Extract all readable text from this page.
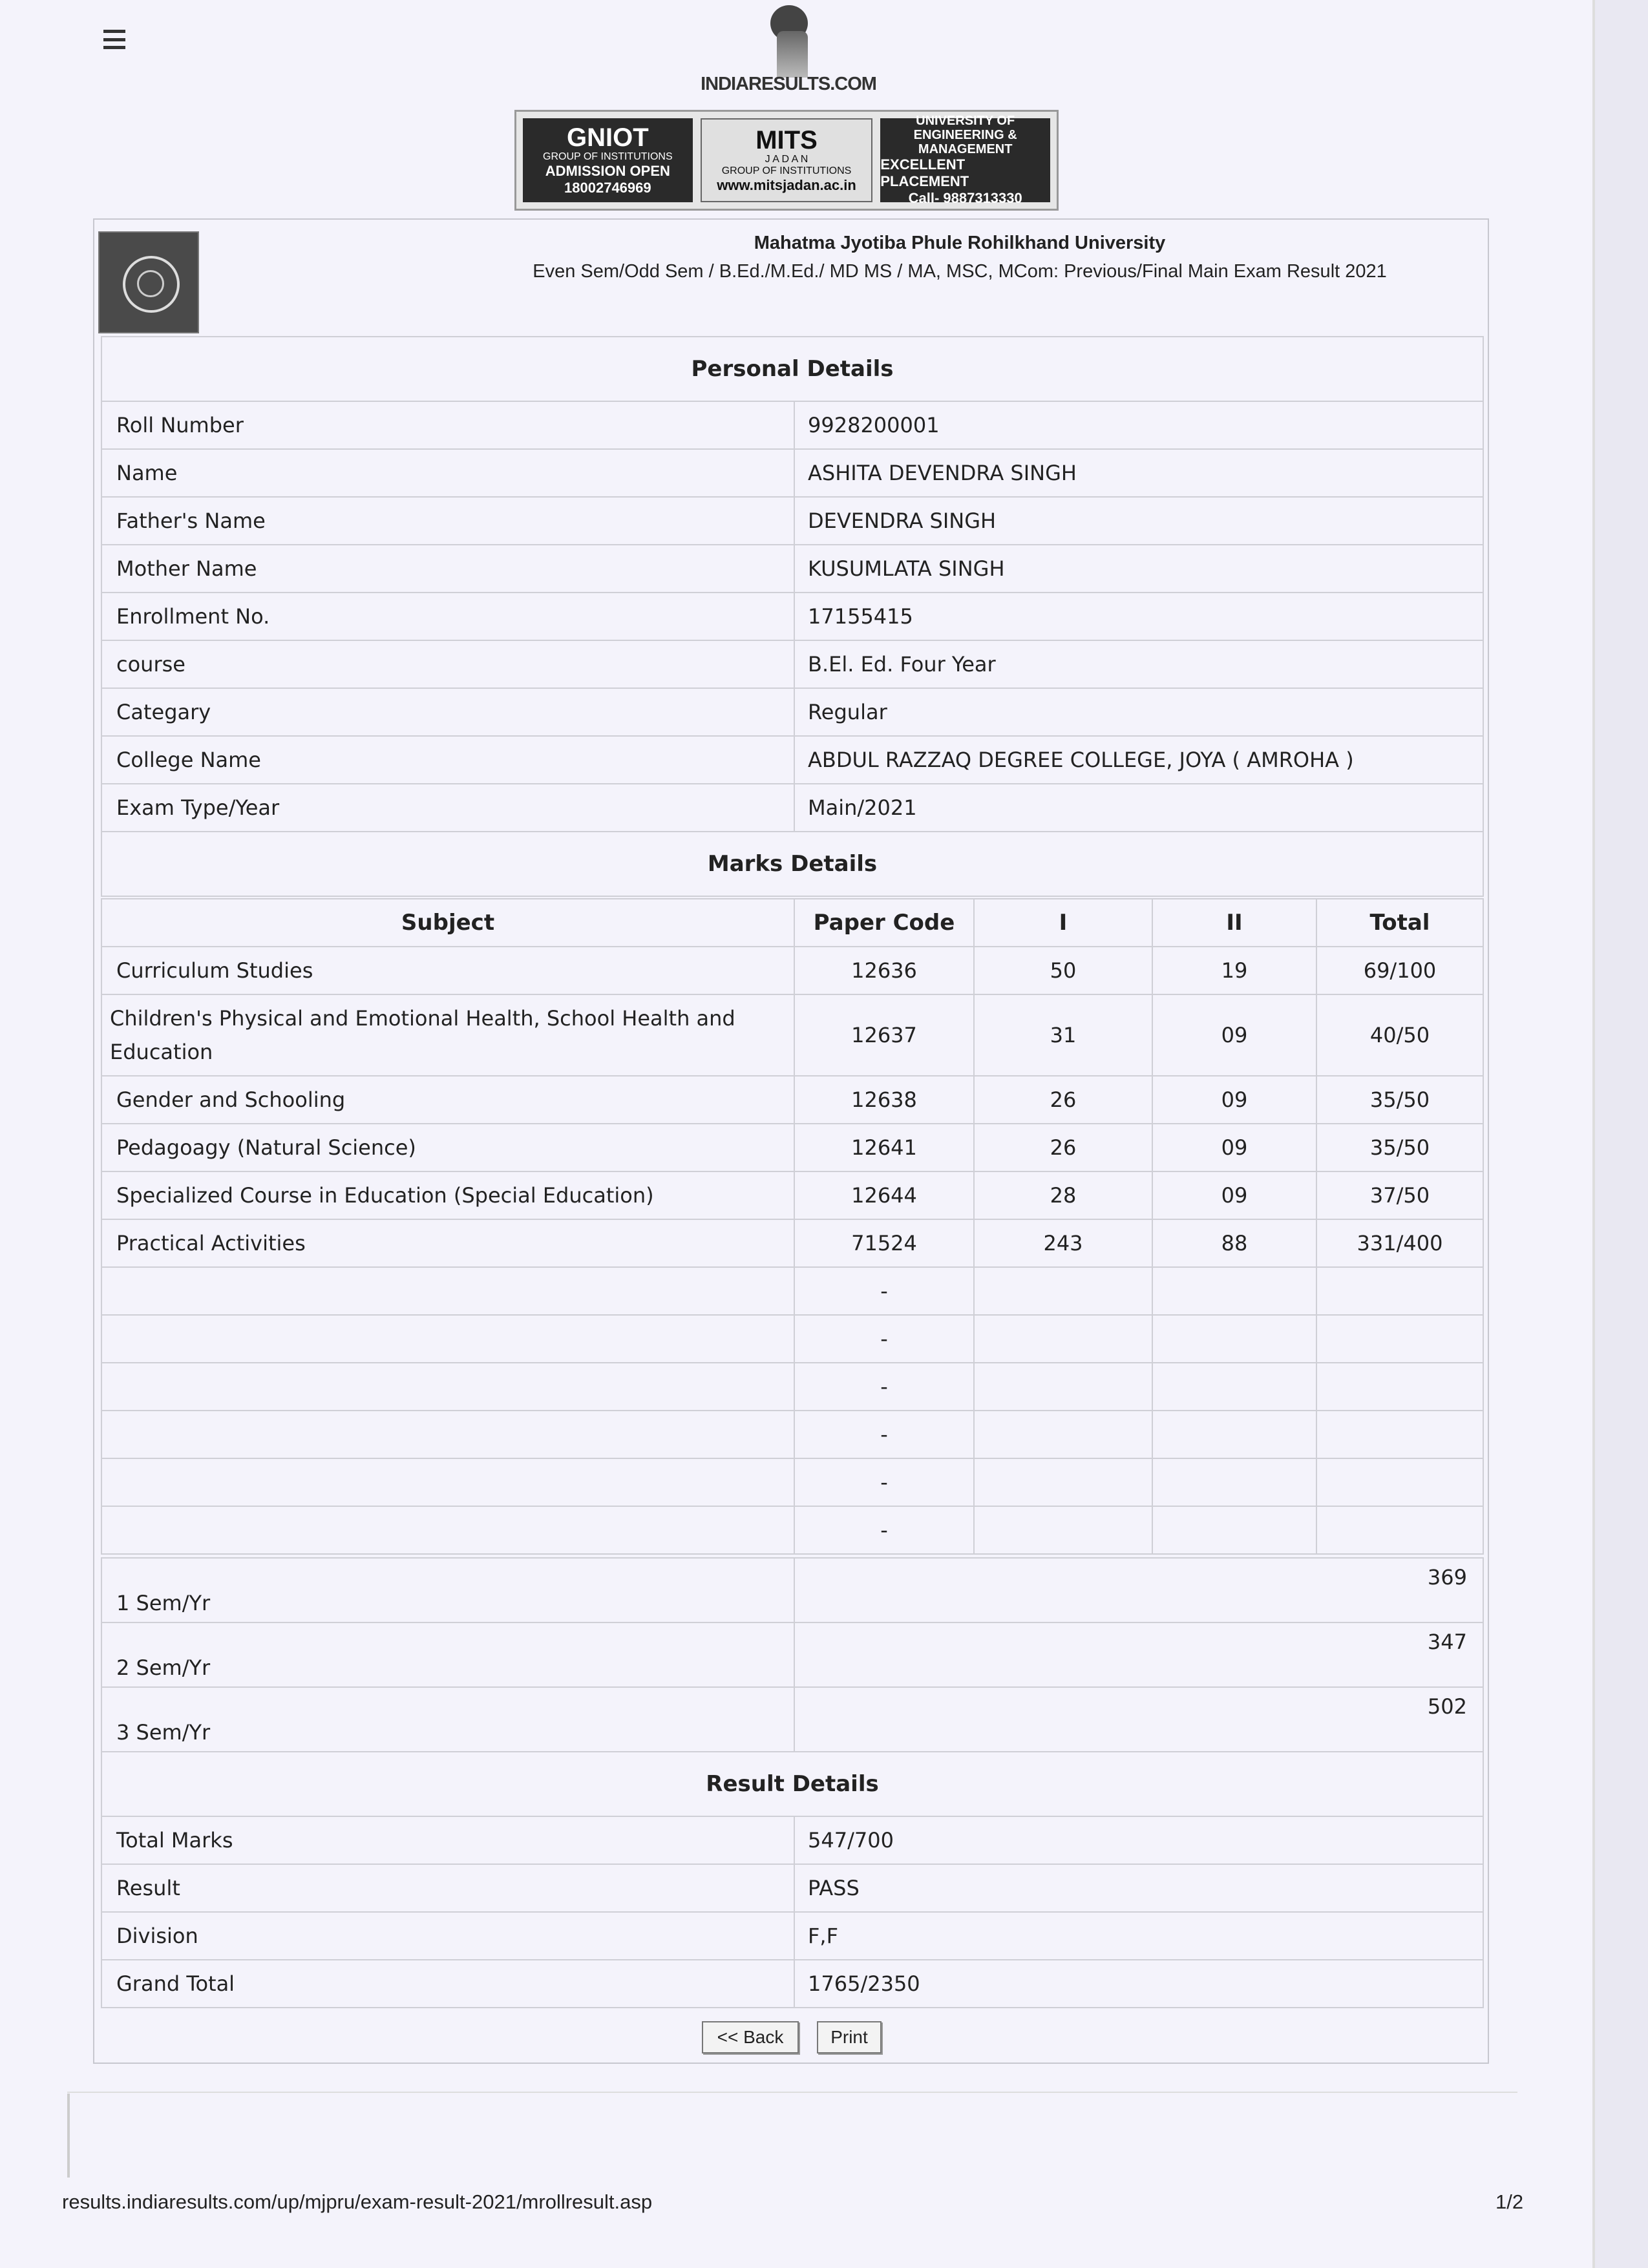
INDIARESULTS.COM
GNIOT
GROUP OF INSTITUTIONS
ADMISSION OPEN
18002746969
MITS
J A D A N
GROUP OF INSTITUTIONS
www.mitsjadan.ac.in
UNIVERSITY OF ENGINEERING & MANAGEMENT
EXCELLENT PLACEMENT
Call- 9887313330
Mahatma Jyotiba Phule Rohilkhand University
Even Sem/Odd Sem / B.Ed./M.Ed./ MD MS / MA, MSC, MCom: Previous/Final Main Exam Result 2021
Personal Details	
Roll Number	9928200001
Name	ASHITA DEVENDRA SINGH
Father's Name	DEVENDRA SINGH
Mother Name	KUSUMLATA SINGH
Enrollment No.	17155415
course	B.El. Ed. Four Year
Categary	Regular
College Name	ABDUL RAZZAQ DEGREE COLLEGE, JOYA ( AMROHA )
Exam Type/Year	Main/2021
Marks Details	
Subject	Paper Code	I	II	Total
Curriculum Studies	12636	50	19	69/100
Children's Physical and Emotional Health, School Health and Education	12637	31	09	40/50
Gender and Schooling	12638	26	09	35/50
Pedagoagy (Natural Science)	12641	26	09	35/50
Specialized Course in Education (Special Education)	12644	28	09	37/50
Practical Activities	71524	243	88	331/400
	-			
	-			
	-			
	-			
	-			
	-			
1 Sem/Yr	369
2 Sem/Yr	347
3 Sem/Yr	502
Result Details	
Total Marks	547/700
Result	PASS
Division	F,F
Grand Total	1765/2350
<< Back	Print
results.indiaresults.com/up/mjpru/exam-result-2021/mrollresult.asp	1/2
